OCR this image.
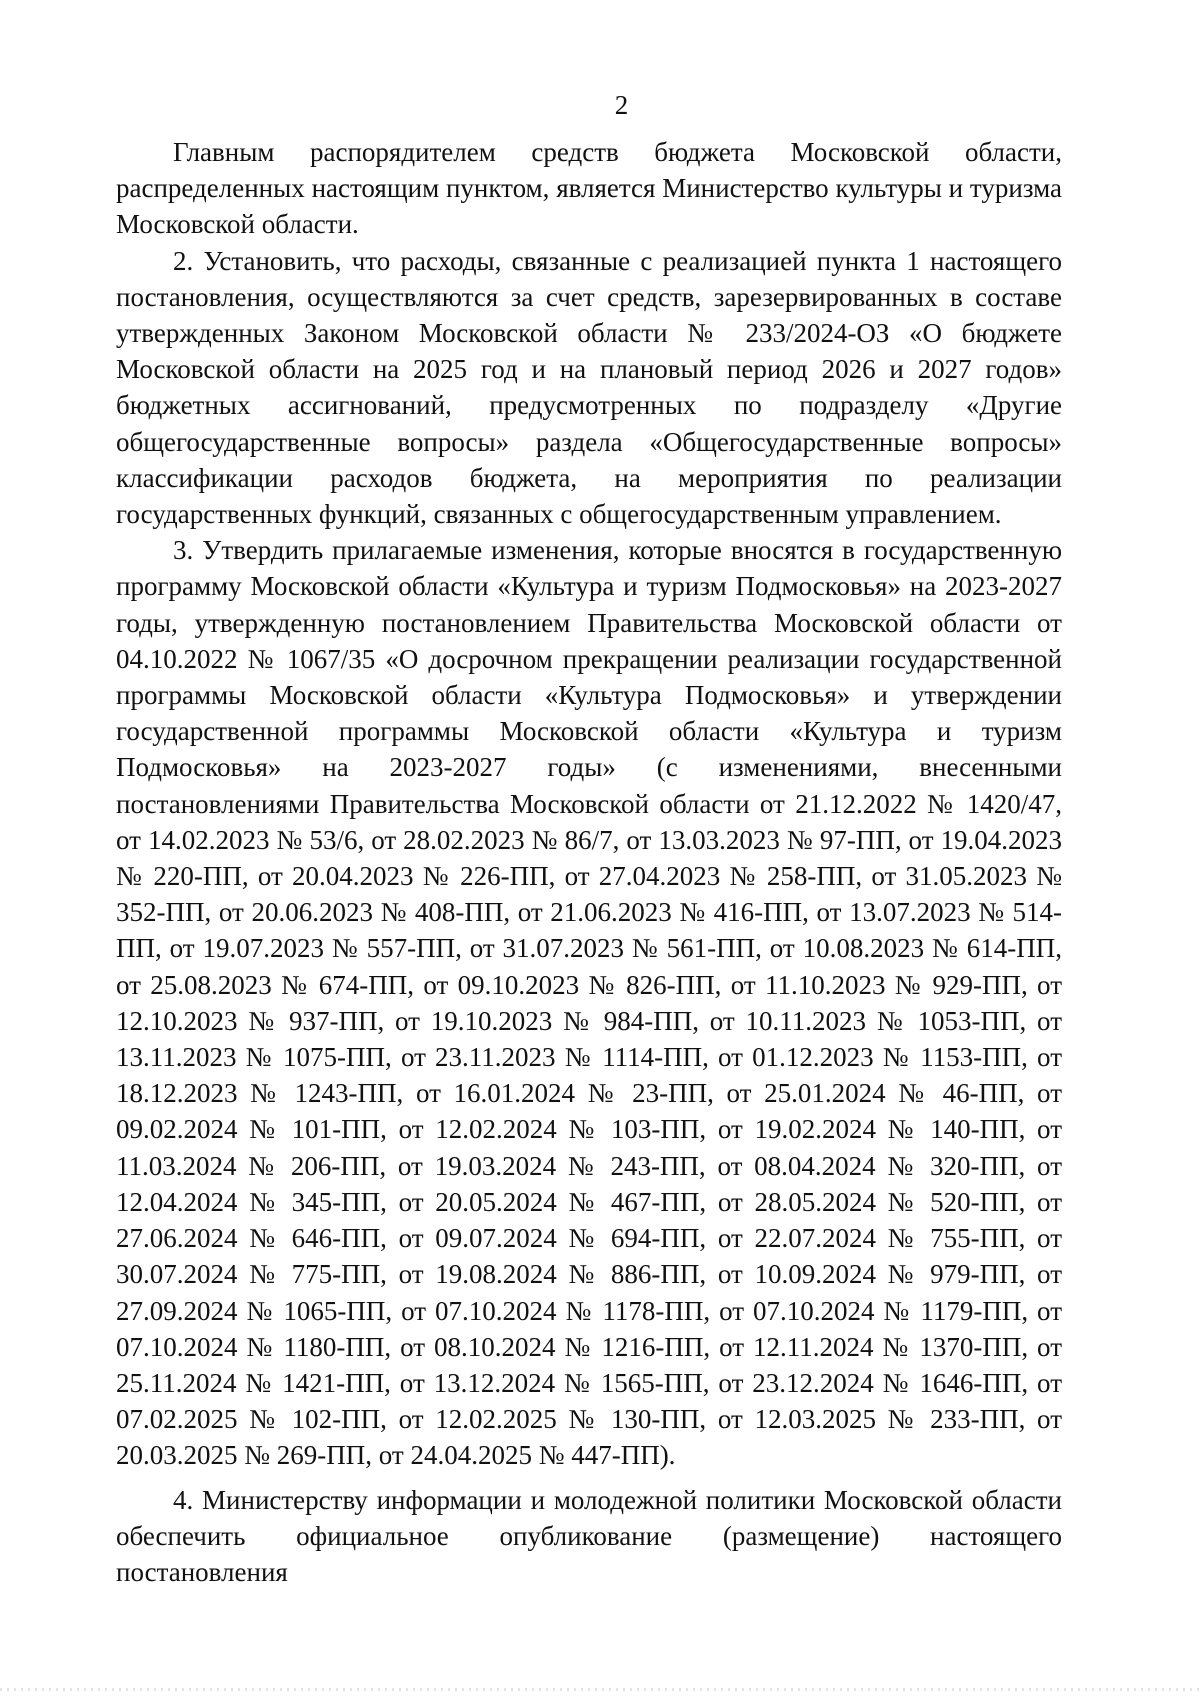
2

Главным распорядителем средств бюджета Московской области, распределенных настоящим пунктом, является Министерство культуры и туризма Московской области.

2. Установить, что расходы, связанные с реализацией пункта 1 настоящего постановления, осуществляются за счет средств, зарезервированных в составе утвержденных Законом Московской области № 233/2024-ОЗ «О бюджете Московской области на 2025 год и на плановый период 2026 и 2027 годов» бюджетных ассигнований, предусмотренных по подразделу «Другие общегосударственные вопросы» раздела «Общегосударственные вопросы» классификации расходов бюджета, на мероприятия по реализации государственных функций, связанных с общегосударственным управлением.

3. Утвердить прилагаемые изменения, которые вносятся в государственную программу Московской области «Культура и туризм Подмосковья» на 2023-2027 годы, утвержденную постановлением Правительства Московской области от 04.10.2022 № 1067/35 «О досрочном прекращении реализации государственной программы Московской области «Культура Подмосковья» и утверждении государственной программы Московской области «Культура и туризм Подмосковья» на 2023-2027 годы» (с изменениями, внесенными постановлениями Правительства Московской области от 21.12.2022 № 1420/47, от 14.02.2023 № 53/6, от 28.02.2023 № 86/7, от 13.03.2023 № 97-ПП, от 19.04.2023 № 220-ПП, от 20.04.2023 № 226-ПП, от 27.04.2023 № 258-ПП, от 31.05.2023 № 352-ПП, от 20.06.2023 № 408-ПП, от 21.06.2023 № 416-ПП, от 13.07.2023 № 514-ПП, от 19.07.2023 № 557-ПП, от 31.07.2023 № 561-ПП, от 10.08.2023 № 614-ПП, от 25.08.2023 № 674-ПП, от 09.10.2023 № 826-ПП, от 11.10.2023 № 929-ПП, от 12.10.2023 № 937-ПП, от 19.10.2023 № 984-ПП, от 10.11.2023 № 1053-ПП, от 13.11.2023 № 1075-ПП, от 23.11.2023 № 1114-ПП, от 01.12.2023 № 1153-ПП, от 18.12.2023 № 1243-ПП, от 16.01.2024 № 23-ПП, от 25.01.2024 № 46-ПП, от 09.02.2024 № 101-ПП, от 12.02.2024 № 103-ПП, от 19.02.2024 № 140-ПП, от 11.03.2024 № 206-ПП, от 19.03.2024 № 243-ПП, от 08.04.2024 № 320-ПП, от 12.04.2024 № 345-ПП, от 20.05.2024 № 467-ПП, от 28.05.2024 № 520-ПП, от 27.06.2024 № 646-ПП, от 09.07.2024 № 694-ПП, от 22.07.2024 № 755-ПП, от 30.07.2024 № 775-ПП, от 19.08.2024 № 886-ПП, от 10.09.2024 № 979-ПП, от 27.09.2024 № 1065-ПП, от 07.10.2024 № 1178-ПП, от 07.10.2024 № 1179-ПП, от 07.10.2024 № 1180-ПП, от 08.10.2024 № 1216-ПП, от 12.11.2024 № 1370-ПП, от 25.11.2024 № 1421-ПП, от 13.12.2024 № 1565-ПП, от 23.12.2024 № 1646-ПП, от 07.02.2025 № 102-ПП, от 12.02.2025 № 130-ПП, от 12.03.2025 № 233-ПП, от 20.03.2025 № 269-ПП, от 24.04.2025 № 447-ПП).

4. Министерству информации и молодежной политики Московской области обеспечить официальное опубликование (размещение) настоящего постановления
